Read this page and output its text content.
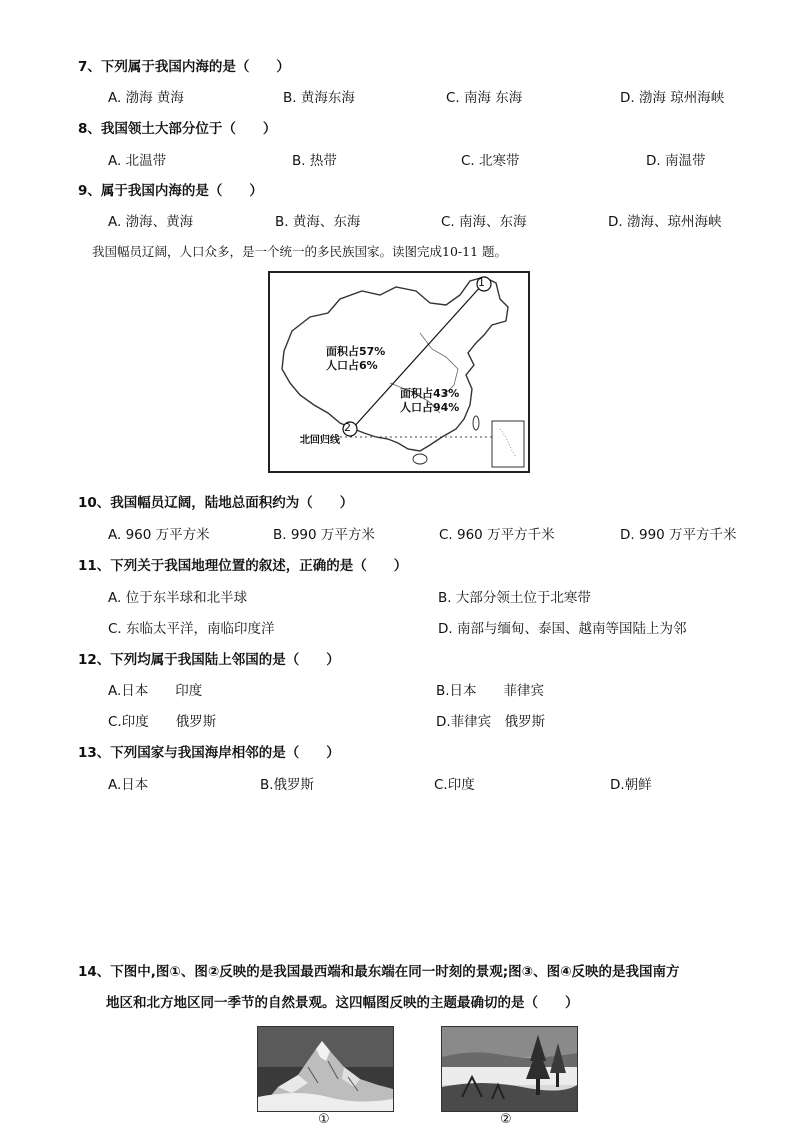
7、下列属于我国内海的是（　　）
A. 渤海 黄海	B. 黄海东海	C. 南海 东海	D. 渤海 琼州海峡
8、我国领土大部分位于（　　）
A. 北温带	B. 热带	C. 北寒带	D. 南温带
9、属于我国内海的是（　　）
A. 渤海、黄海	B. 黄海、东海	C. 南海、东海	D. 渤海、琼州海峡
我国幅员辽阔，人口众多，是一个统一的多民族国家。读图完成10-11 题。
1
2
面积占57%
人口占6%
面积占43%
人口占94%
北回归线
10、我国幅员辽阔，陆地总面积约为（　　）
A. 960 万平方米	B. 990 万平方米	C. 960 万平方千米	D. 990 万平方千米
11、下列关于我国地理位置的叙述，正确的是（　　）
A. 位于东半球和北半球	B. 大部分领土位于北寒带
C. 东临太平洋，南临印度洋	D. 南部与缅甸、泰国、越南等国陆上为邻
12、下列均属于我国陆上邻国的是（　　）
A.日本　　印度	B.日本　　菲律宾
C.印度　　俄罗斯	D.菲律宾　俄罗斯
13、下列国家与我国海岸相邻的是（　　）
A.日本	B.俄罗斯	C.印度	D.朝鲜
14、下图中,图①、图②反映的是我国最西端和最东端在同一时刻的景观;图③、图④反映的是我国南方
地区和北方地区同一季节的自然景观。这四幅图反映的主题最确切的是（　　）
①	②
